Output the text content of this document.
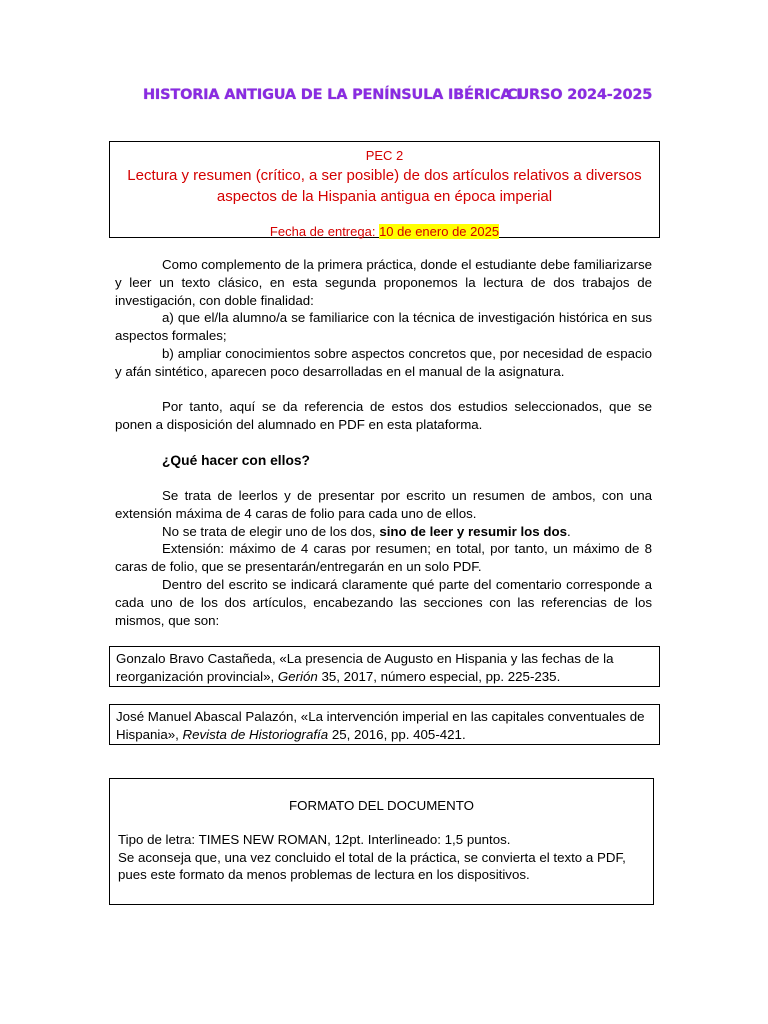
HISTORIA ANTIGUA DE LA PENÍNSULA IBÉRICA I
CURSO 2024-2025
PEC 2
Lectura y resumen (crítico, a ser posible) de dos artículos relativos a diversos aspectos de la Hispania antigua en época imperial
Fecha de entrega: 10 de enero de 2025

Como complemento de la primera práctica, donde el estudiante debe familiarizarse y leer un texto clásico, en esta segunda proponemos la lectura de dos trabajos de investigación, con doble finalidad:

a) que el/la alumno/a se familiarice con la técnica de investigación histórica en sus aspectos formales;

b) ampliar conocimientos sobre aspectos concretos que, por necesidad de espacio y afán sintético, aparecen poco desarrolladas en el manual de la asignatura.

Por tanto, aquí se da referencia de estos dos estudios seleccionados, que se ponen a disposición del alumnado en PDF en esta plataforma.

¿Qué hacer con ellos?

Se trata de leerlos y de presentar por escrito un resumen de ambos, con una extensión máxima de 4 caras de folio para cada uno de ellos.

No se trata de elegir uno de los dos, sino de leer y resumir los dos.

Extensión: máximo de 4 caras por resumen; en total, por tanto, un máximo de 8 caras de folio, que se presentarán/entregarán en un solo PDF.

Dentro del escrito se indicará claramente qué parte del comentario corresponde a cada uno de los dos artículos, encabezando las secciones con las referencias de los mismos, que son:

Gonzalo Bravo Castañeda, «La presencia de Augusto en Hispania y las fechas de la reorganización provincial», Gerión 35, 2017, número especial, pp. 225-235.
José Manuel Abascal Palazón, «La intervención imperial en las capitales conventuales de Hispania», Revista de Historiografía 25, 2016, pp. 405-421.
FORMATO DEL DOCUMENTO
Tipo de letra: TIMES NEW ROMAN, 12pt. Interlineado: 1,5 puntos.
Se aconseja que, una vez concluido el total de la práctica, se convierta el texto a PDF, pues este formato da menos problemas de lectura en los dispositivos.
